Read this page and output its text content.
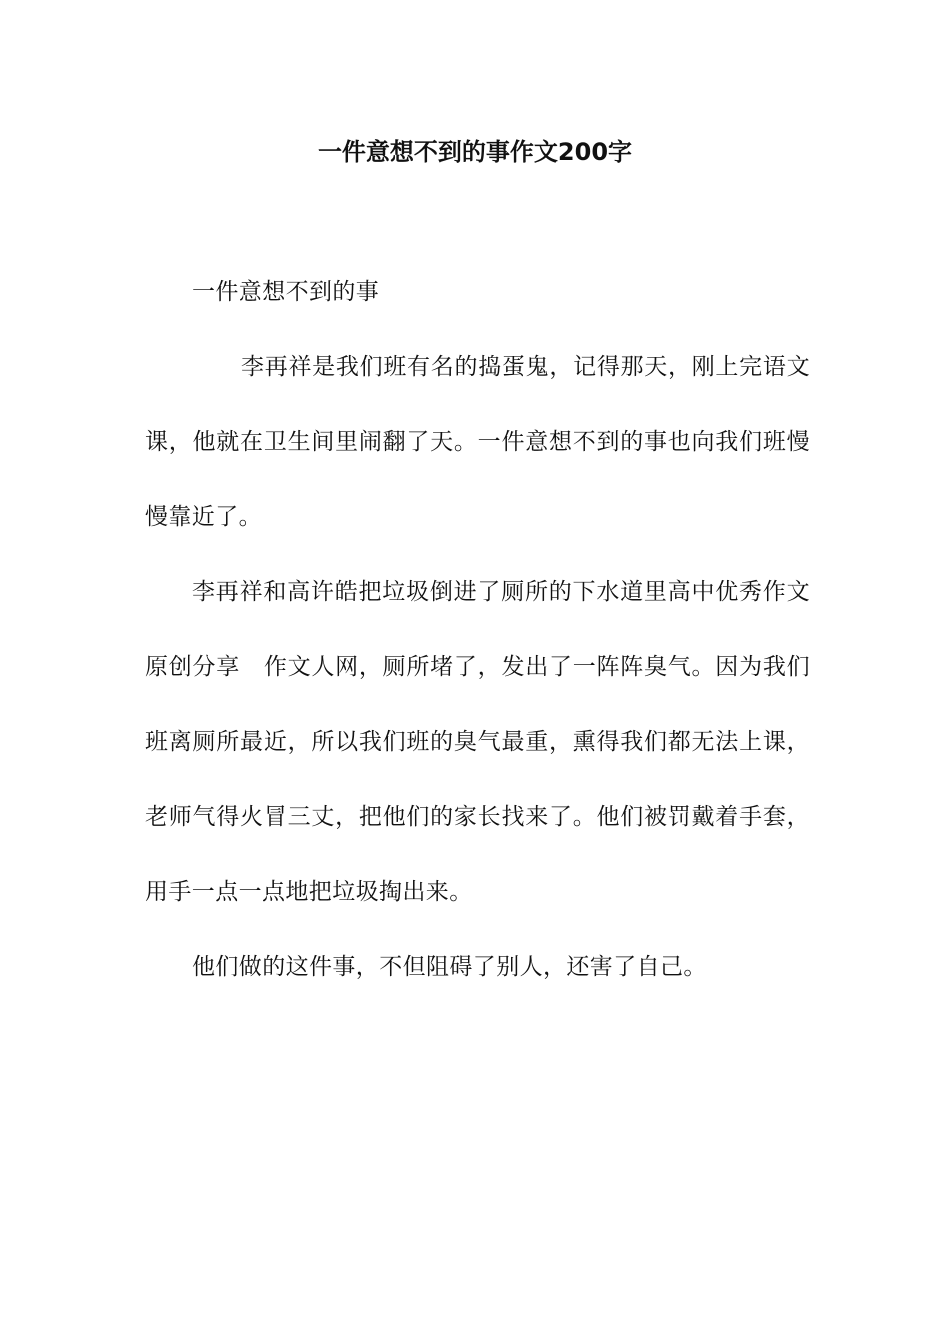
一件意想不到的事作文200字

一件意想不到的事

李再祥是我们班有名的捣蛋鬼，记得那天，刚上完语文课，他就在卫生间里闹翻了天。一件意想不到的事也向我们班慢慢靠近了。

李再祥和高许皓把垃圾倒进了厕所的下水道里高中优秀作文　原创分享　作文人网，厕所堵了，发出了一阵阵臭气。因为我们班离厕所最近，所以我们班的臭气最重，熏得我们都无法上课，老师气得火冒三丈，把他们的家长找来了。他们被罚戴着手套，用手一点一点地把垃圾掏出来。

他们做的这件事，不但阻碍了别人，还害了自己。
